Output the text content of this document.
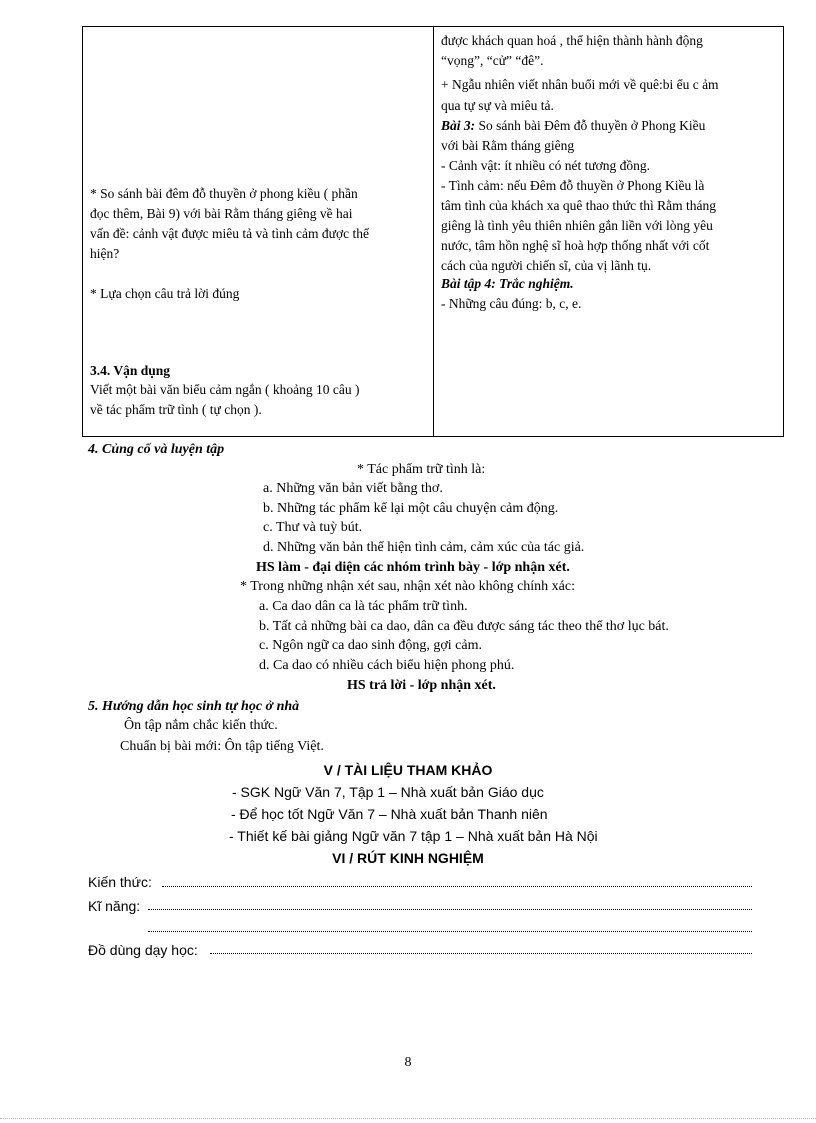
* So sánh bài đêm đỗ thuyền ở phong kiều ( phần
đọc thêm, Bài 9) với bài Rằm tháng giêng về hai
vấn đề: cảnh vật được miêu tả và tình cảm được thể
hiện?
* Lựa chọn câu trả lời đúng
3.4. Vận dụng
Viết một bài văn biểu cảm ngắn ( khoảng 10 câu )
về tác phẩm trữ tình ( tự chọn ).

được khách quan hoá , thể hiện thành hành động
“vọng”, “cử” “đê”.
+ Ngẫu nhiên viết nhân buổi mới về quê:bi ểu c ảm
qua tự sự và miêu tả.
Bài 3: So sánh bài Đêm đỗ thuyền ở Phong Kiều
với bài Rằm tháng giêng
- Cảnh vật: ít nhiều có nét tương đồng.
- Tình cảm: nếu Đêm đỗ thuyền ở Phong Kiều là
tâm tình của khách xa quê thao thức thì Rằm tháng
giêng là tình yêu thiên nhiên gắn liền với lòng yêu
nước, tâm hồn nghệ sĩ hoà hợp thống nhất với cốt
cách của người chiến sĩ, của vị lãnh tụ.
Bài tập 4: Trắc nghiệm.
- Những câu đúng: b, c, e.
4. Củng cố và luyện tập
* Tác phẩm trữ tình là:
a. Những văn bản viết bằng thơ.
b. Những tác phẩm kể lại một câu chuyện cảm động.
c. Thư và tuỳ bút.
d. Những văn bản thể hiện tình cảm, cảm xúc của tác giả.
HS làm - đại diện các nhóm trình bày - lớp nhận xét.
* Trong những nhận xét sau, nhận xét nào không chính xác:
a. Ca dao dân ca là tác phẩm trữ tình.
b. Tất cả những bài ca dao, dân ca đều được sáng tác theo thể thơ lục bát.
c. Ngôn ngữ ca dao sinh động, gợi cảm.
d. Ca dao có nhiều cách biểu hiện phong phú.
HS trả lời - lớp nhận xét.
5. Hướng dẫn học sinh tự học ở nhà
Ôn tập nắm chắc kiến thức.
Chuẩn bị bài mới: Ôn tập tiếng Việt.
V / TÀI LIỆU THAM KHẢO
- SGK Ngữ Văn 7, Tập 1 – Nhà xuất bản Giáo dục
- Để học tốt Ngữ Văn 7 – Nhà xuất bản Thanh niên
- Thiết kế bài giảng Ngữ văn 7 tập 1 – Nhà xuất bản Hà Nội
VI / RÚT KINH NGHIỆM
Kiến thức:
Kĩ năng:
Đồ dùng dạy học:
8
